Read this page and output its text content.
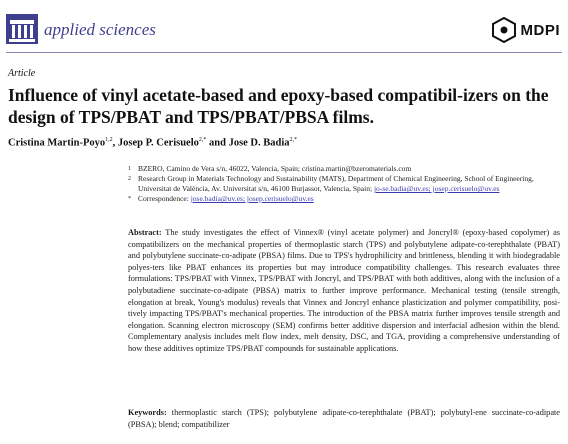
applied sciences	MDPI
Article
Influence of vinyl acetate-based and epoxy-based compatibil-izers on the design of TPS/PBAT and TPS/PBAT/PBSA films.
Cristina Martin-Poyo$^{1,2}$, Josep P. Cerisuelo$^{2,*}$ and Jose D. Badia$^{2,*}$
1 BZERO, Camino de Vera s/n, 46022, Valencia, Spain; cristina.martin@bzeromaterials.com
2 Research Group in Materials Technology and Sustainability (MATS), Department of Chemical Engineering, School of Engineering, Universitat de València, Av. Universitat s/n, 46100 Burjassot, Valencia, Spain; jo-se.badia@uv.es; josep.cerisuelo@uv.es
* Correspondence: jose.badia@uv.es; josep.cerisuelo@uv.es
Abstract: The study investigates the effect of Vinnex® (vinyl acetate polymer) and Joncryl® (epoxy-based copolymer) as compatibilizers on the mechanical properties of thermoplastic starch (TPS) and polybutylene adipate-co-terephthalate (PBAT) and polybutylene succinate-co-adipate (PBSA) films. Due to TPS's hydrophilicity and brittleness, blending it with biodegradable polyes-ters like PBAT enhances its properties but may introduce compatibility challenges. This research evaluates three formulations: TPS/PBAT with Vinnex, TPS/PBAT with Joncryl, and TPS/PBAT with both additives, along with the inclusion of a polybutadiene succinate-co-adipate (PBSA) matrix to further improve performance. Mechanical testing (tensile strength, elongation at break, Young's modulus) reveals that Vinnex and Joncryl enhance plasticization and polymer compatibility, posi-tively impacting TPS/PBAT's mechanical properties. The introduction of the PBSA matrix further improves tensile strength and elongation. Scanning electron microscopy (SEM) confirms better additive dispersion and interfacial adhesion within the blend. Complementary analysis includes melt flow index, melt density, DSC, and TGA, providing a comprehensive understanding of how these additives optimize TPS/PBAT compounds for sustainable applications.
Keywords: thermoplastic starch (TPS); polybutylene adipate-co-terephthalate (PBAT); polybutyl-ene succinate-co-adipate (PBSA); blend; compatibilizer
